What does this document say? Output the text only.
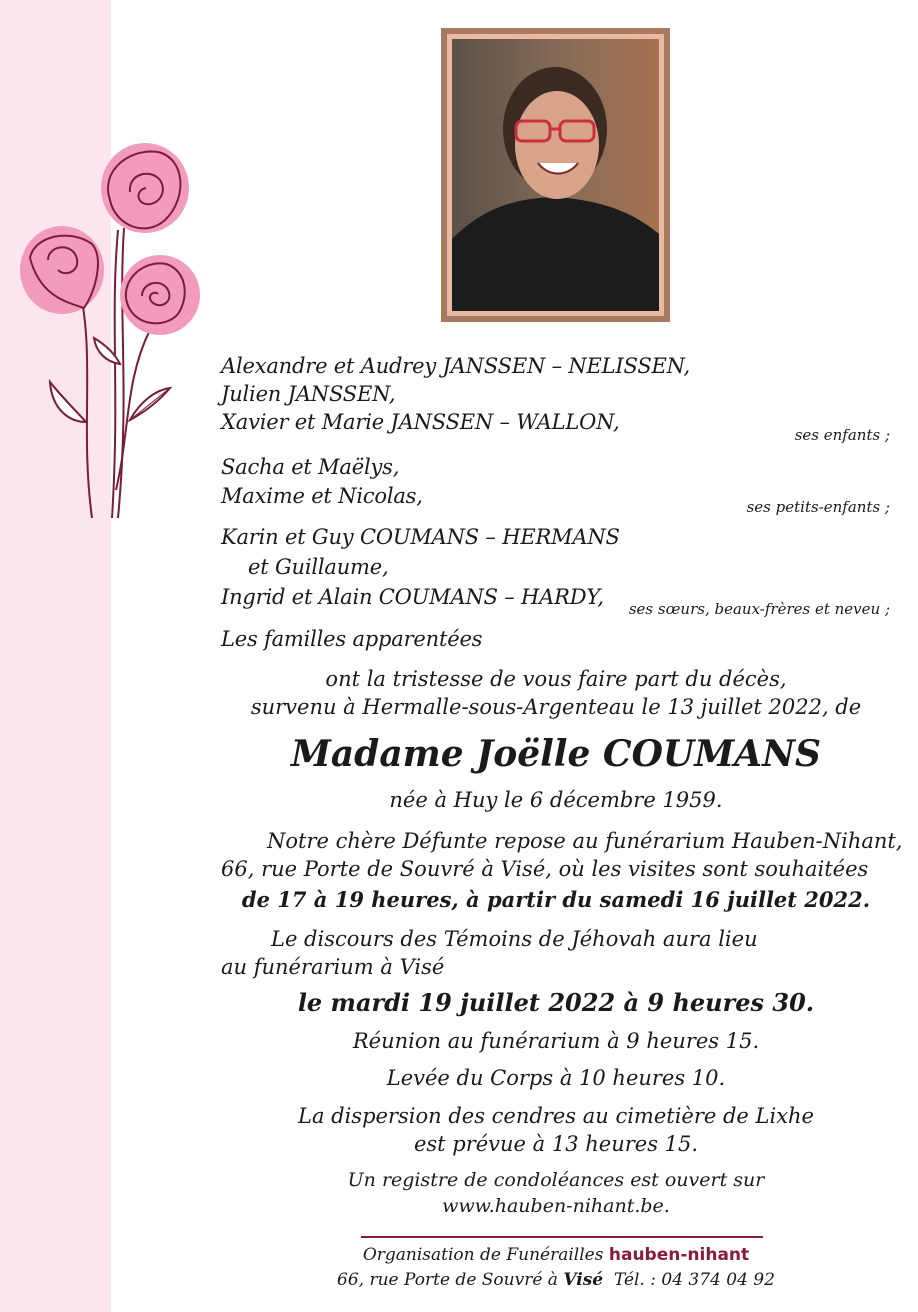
Alexandre et Audrey JANSSEN – NELISSEN,
Julien JANSSEN,
Xavier et Marie JANSSEN – WALLON,
ses enfants ;
Sacha et Maëlys,
Maxime et Nicolas,	ses petits-enfants ;
Karin et Guy COUMANS – HERMANS
et Guillaume,
Ingrid et Alain COUMANS – HARDY, ses sœurs, beaux-frères et neveu ;
Les familles apparentées
ont la tristesse de vous faire part du décès,
survenu à Hermalle-sous-Argenteau le 13 juillet 2022, de
Madame Joëlle COUMANS
née à Huy le 6 décembre 1959.
Notre chère Défunte repose au funérarium Hauben-Nihant,
66, rue Porte de Souvré à Visé, où les visites sont souhaitées
de 17 à 19 heures, à partir du samedi 16 juillet 2022.
Le discours des Témoins de Jéhovah aura lieu
au funérarium à Visé
le mardi 19 juillet 2022 à 9 heures 30.
Réunion au funérarium à 9 heures 15.
Levée du Corps à 10 heures 10.
La dispersion des cendres au cimetière de Lixhe
est prévue à 13 heures 15.
Un registre de condoléances est ouvert sur
www.hauben-nihant.be.
Organisation de Funérailles hauben-nihant
66, rue Porte de Souvré à Visé Tél. : 04 374 04 92
